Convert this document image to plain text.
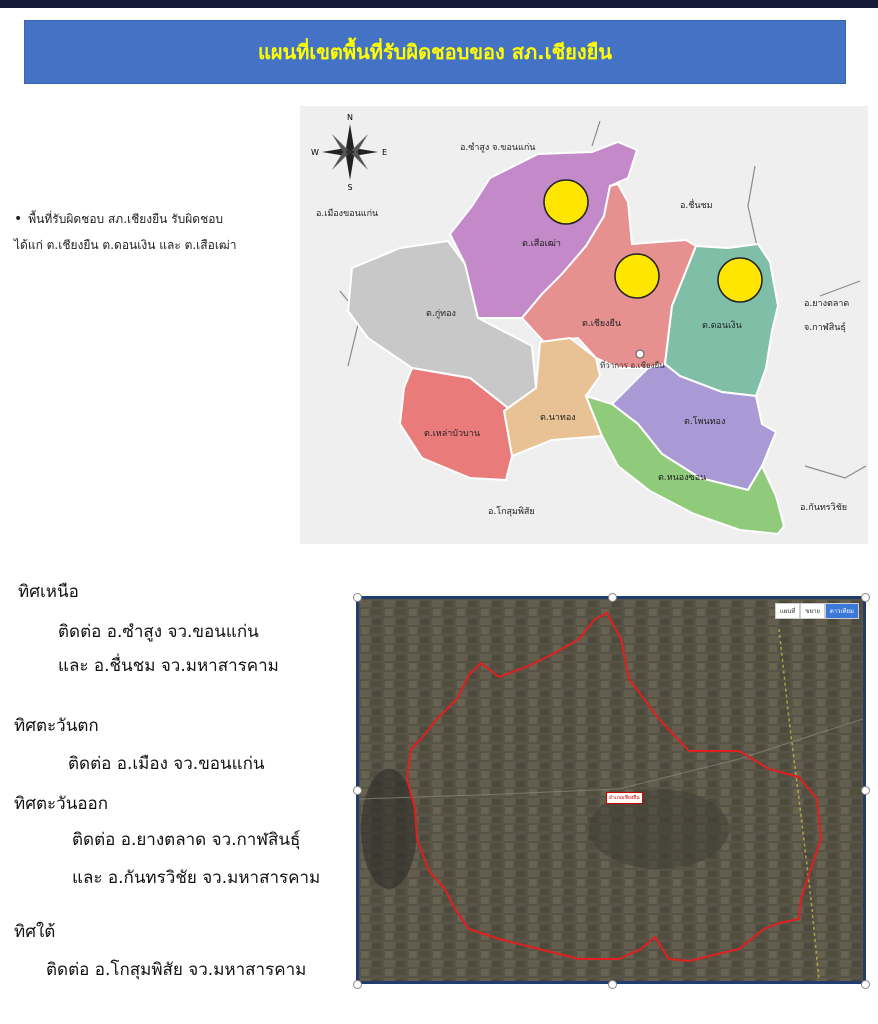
แผนที่เขตพื้นที่รับผิดชอบของ สภ.เชียงยืน
• พื้นที่รับผิดชอบ สภ.เชียงยืน รับผิดชอบ
ได้แก่ ต.เชียงยืน ต.ดอนเงิน และ ต.เสือเฒ่า
N
S
E
W
ที่ว่าการ อ.เชียงยืน
ต.เสือเฒ่า
ต.กู่ทอง
ต.เชียงยืน	ต.ดอนเงิน
ต.นาทอง
ต.เหล่าบัวบาน
ต.โพนทอง
ต.หนองซอน
อ.ซำสูง จ.ขอนแก่น
อ.ชื่นชม
อ.เมืองขอนแก่น
อ.ยางตลาด
จ.กาฬสินธุ์
อ.โกสุมพิสัย	อ.กันทรวิชัย
ทิศเหนือ
ติดต่อ อ.ซำสูง จว.ขอนแก่น
และ อ.ชื่นชม จว.มหาสารคาม
ทิศตะวันตก
ติดต่อ อ.เมือง จว.ขอนแก่น
ทิศตะวันออก
ติดต่อ อ.ยางตลาด จว.กาฬสินธุ์
และ อ.กันทรวิชัย จว.มหาสารคาม
ทิศใต้
ติดต่อ อ.โกสุมพิสัย จว.มหาสารคาม
แผนที่	ขยาย	ดาวเทียม
อำเภอเชียงยืน
